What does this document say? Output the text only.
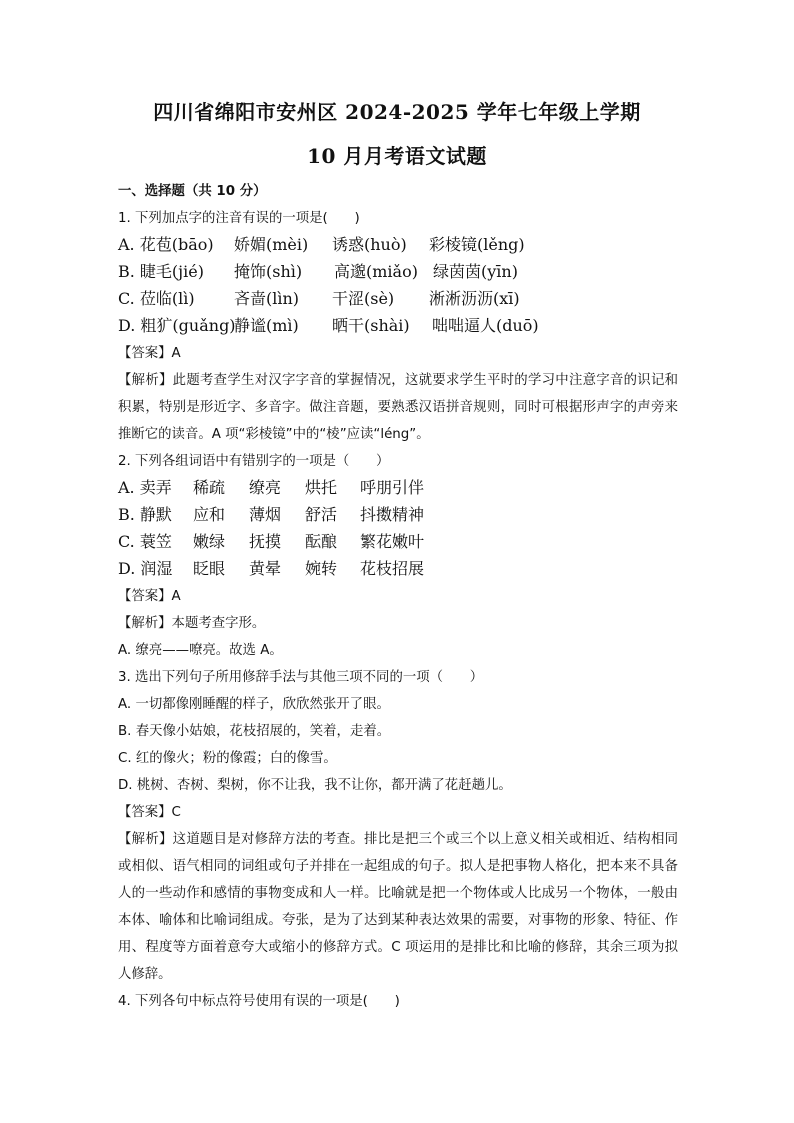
四川省绵阳市安州区 2024-2025 学年七年级上学期
10 月月考语文试题
一、选择题（共 10 分）
1. 下列加点字的注音有误的一项是(　　)
A. 花苞(bāo) 娇媚(mèi) 诱惑(huò) 彩棱镜(lěng)
B. 睫毛(jié) 掩饰(shì) 高邈(miǎo) 绿茵茵(yīn)
C. 莅临(lì) 吝啬(lìn) 干涩(sè) 淅淅沥沥(xī)
D. 粗犷(guǎng)
静谧(mì) 晒干(shài) 咄咄逼人(duō)
【答案】A
【解析】此题考查学生对汉字字音的掌握情况，这就要求学生平时的学习中注意字音的识记和积累，特别是形近字、多音字。做注音题，要熟悉汉语拼音规则，同时可根据形声字的声旁来推断它的读音。A 项“彩棱镜”中的“棱”应读“léng”。
2. 下列各组词语中有错别字的一项是（　　）
A. 卖弄 稀疏 缭亮 烘托 呼朋引伴
B. 静默 应和 薄烟 舒活 抖擞精神
C. 蓑笠 嫩绿 抚摸 酝酿 繁花嫩叶
D. 润湿 眨眼 黄晕 婉转 花枝招展
【答案】A
【解析】本题考查字形。
A. 缭亮——嘹亮。故选 A。
3. 选出下列句子所用修辞手法与其他三项不同的一项（　　）
A. 一切都像刚睡醒的样子，欣欣然张开了眼。
B. 春天像小姑娘，花枝招展的，笑着，走着。
C. 红的像火；粉的像霞；白的像雪。
D. 桃树、杏树、梨树，你不让我，我不让你，都开满了花赶趟儿。
【答案】C
【解析】这道题目是对修辞方法的考查。排比是把三个或三个以上意义相关或相近、结构相同或相似、语气相同的词组或句子并排在一起组成的句子。拟人是把事物人格化，把本来不具备人的一些动作和感情的事物变成和人一样。比喻就是把一个物体或人比成另一个物体，一般由本体、喻体和比喻词组成。夸张，是为了达到某种表达效果的需要，对事物的形象、特征、作用、程度等方面着意夸大或缩小的修辞方式。C 项运用的是排比和比喻的修辞，其余三项为拟人修辞。
4. 下列各句中标点符号使用有误的一项是(　　)
